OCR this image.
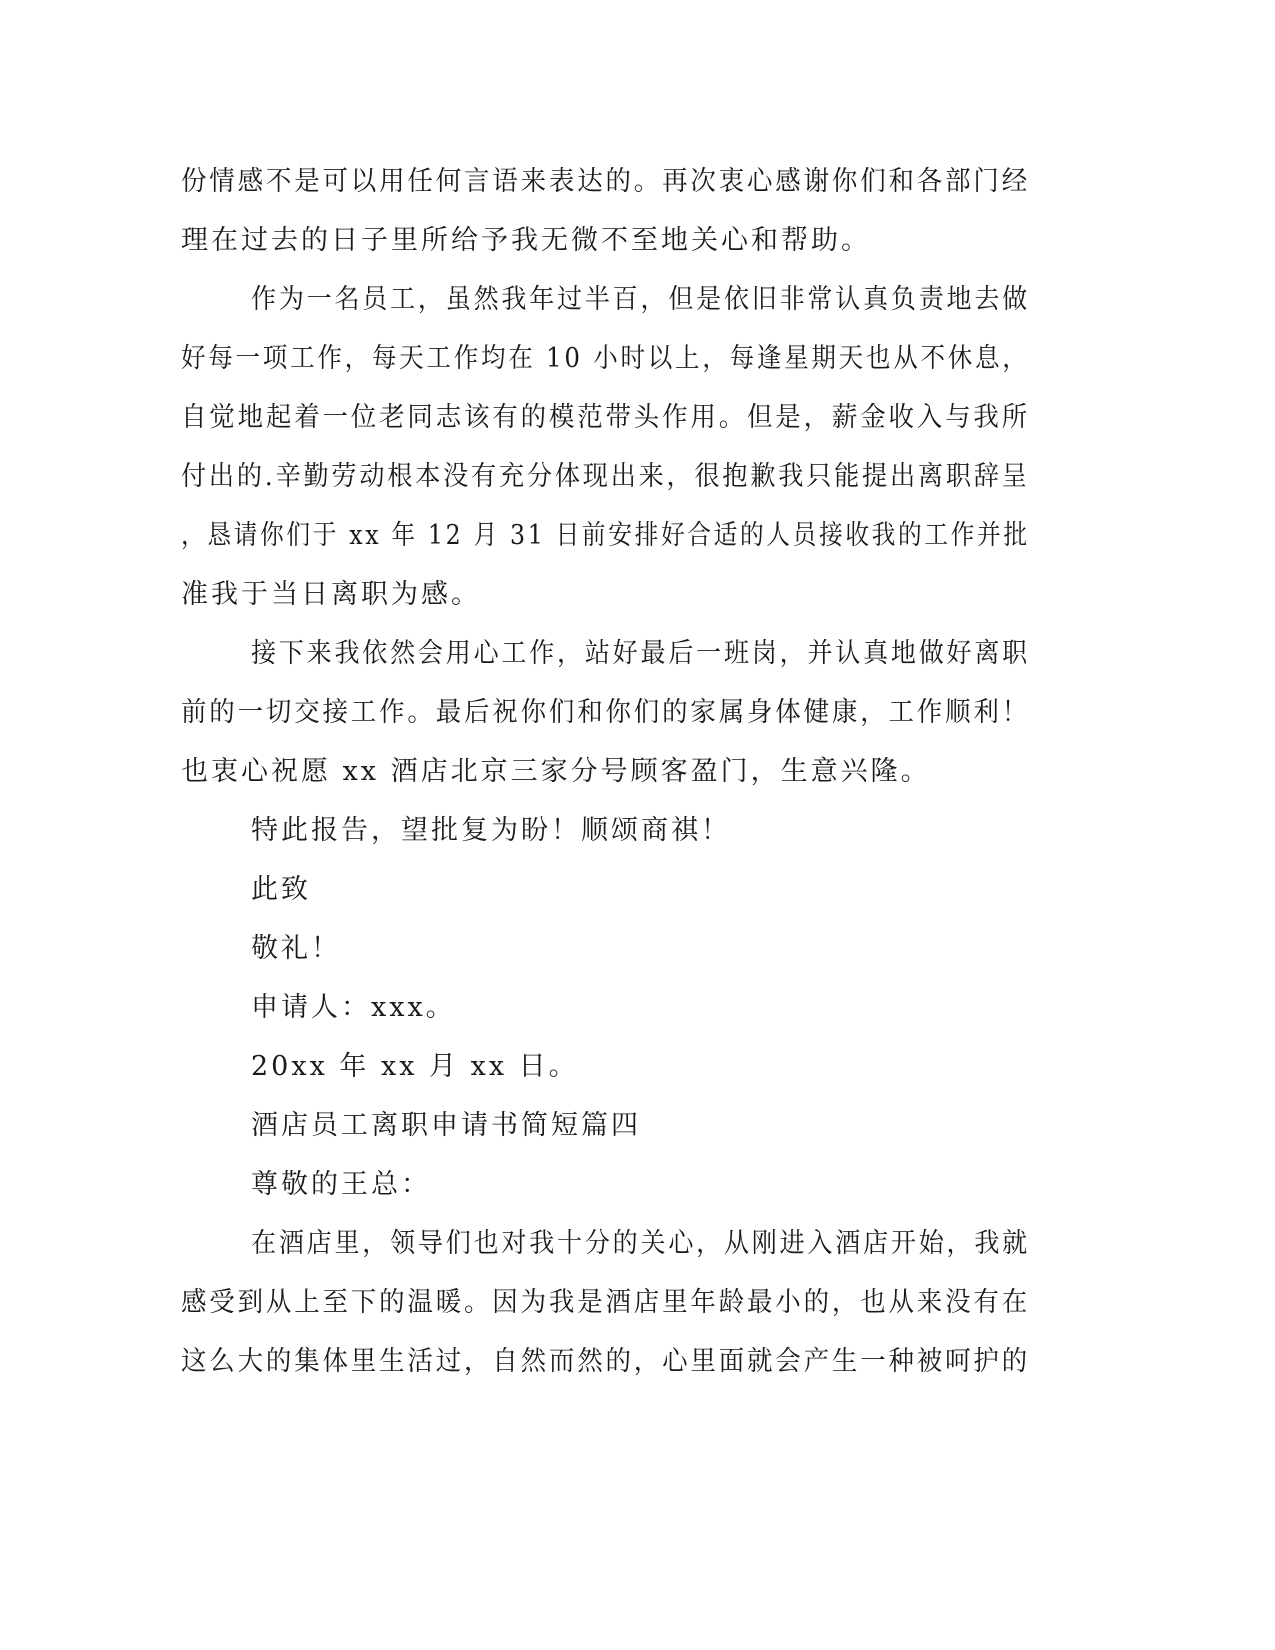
份情感不是可以用任何言语来表达的。再次衷心感谢你们和各部门经
理在过去的日子里所给予我无微不至地关心和帮助。
作为一名员工，虽然我年过半百，但是依旧非常认真负责地去做
好每一项工作，每天工作均在 10 小时以上，每逢星期天也从不休息，
自觉地起着一位老同志该有的模范带头作用。但是，薪金收入与我所
付出的.辛勤劳动根本没有充分体现出来，很抱歉我只能提出离职辞呈
，恳请你们于 xx 年 12 月 31 日前安排好合适的人员接收我的工作并批
准我于当日离职为感。
接下来我依然会用心工作，站好最后一班岗，并认真地做好离职
前的一切交接工作。最后祝你们和你们的家属身体健康，工作顺利！
也衷心祝愿 xx 酒店北京三家分号顾客盈门，生意兴隆。
特此报告，望批复为盼！顺颂商祺！
此致
敬礼！
申请人：xxx。
20xx 年 xx 月 xx 日。
酒店员工离职申请书简短篇四
尊敬的王总：
在酒店里，领导们也对我十分的关心，从刚进入酒店开始，我就
感受到从上至下的温暖。因为我是酒店里年龄最小的，也从来没有在
这么大的集体里生活过，自然而然的，心里面就会产生一种被呵护的
